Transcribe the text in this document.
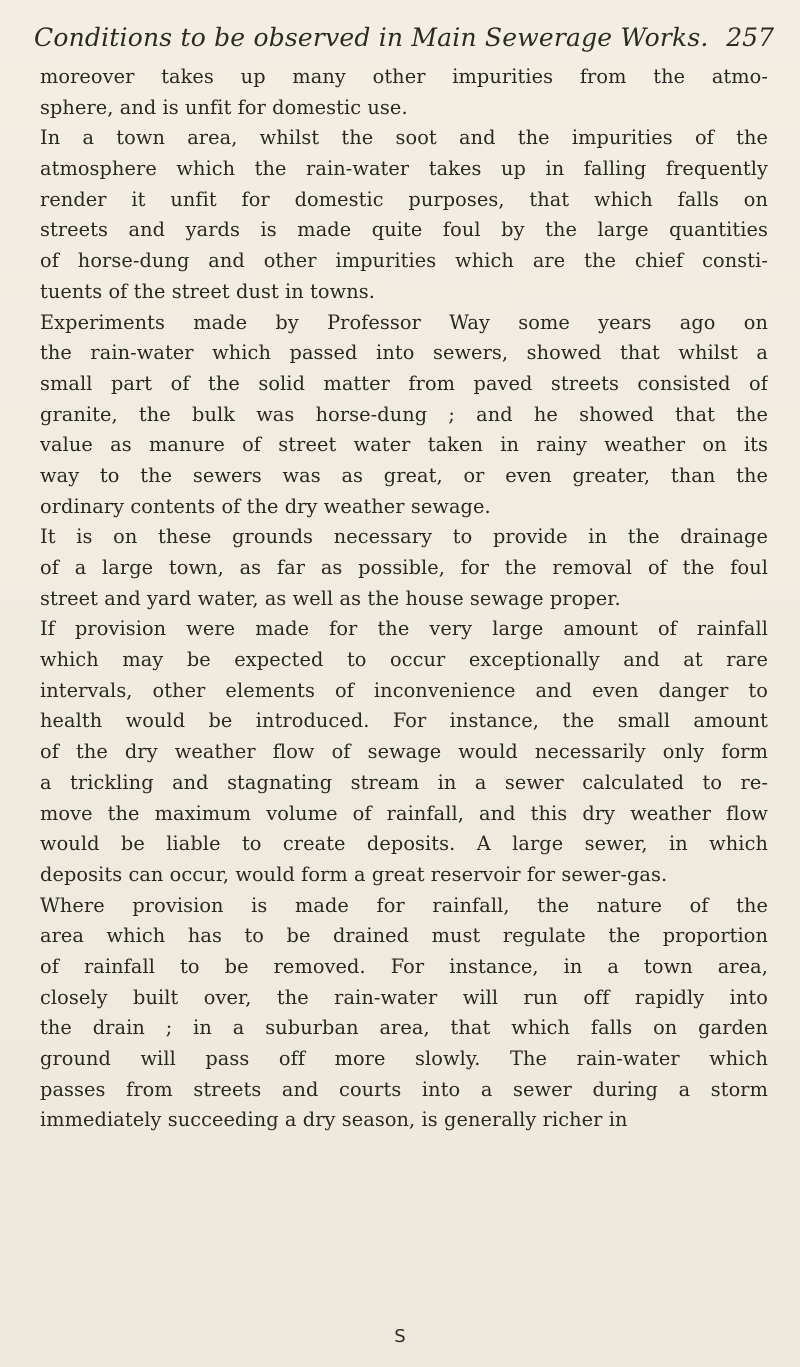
Conditions to be observed in Main Sewerage Works. 257
moreover takes up many other impurities from the atmo-
sphere, and is unfit for domestic use.
In a town area, whilst the soot and the impurities of the
atmosphere which the rain-water takes up in falling frequently
render it unfit for domestic purposes, that which falls on
streets and yards is made quite foul by the large quantities
of horse-dung and other impurities which are the chief consti-
tuents of the street dust in towns.
Experiments made by Professor Way some years ago on
the rain-water which passed into sewers, showed that whilst a
small part of the solid matter from paved streets consisted of
granite, the bulk was horse-dung ; and he showed that the
value as manure of street water taken in rainy weather on its
way to the sewers was as great, or even greater, than the
ordinary contents of the dry weather sewage.
It is on these grounds necessary to provide in the drainage
of a large town, as far as possible, for the removal of the foul
street and yard water, as well as the house sewage proper.
If provision were made for the very large amount of rainfall
which may be expected to occur exceptionally and at rare
intervals, other elements of inconvenience and even danger to
health would be introduced. For instance, the small amount
of the dry weather flow of sewage would necessarily only form
a trickling and stagnating stream in a sewer calculated to re-
move the maximum volume of rainfall, and this dry weather flow
would be liable to create deposits. A large sewer, in which
deposits can occur, would form a great reservoir for sewer-gas.
Where provision is made for rainfall, the nature of the
area which has to be drained must regulate the proportion
of rainfall to be removed. For instance, in a town area,
closely built over, the rain-water will run off rapidly into
the drain ; in a suburban area, that which falls on garden
ground will pass off more slowly. The rain-water which
passes from streets and courts into a sewer during a storm
immediately succeeding a dry season, is generally richer in
S
